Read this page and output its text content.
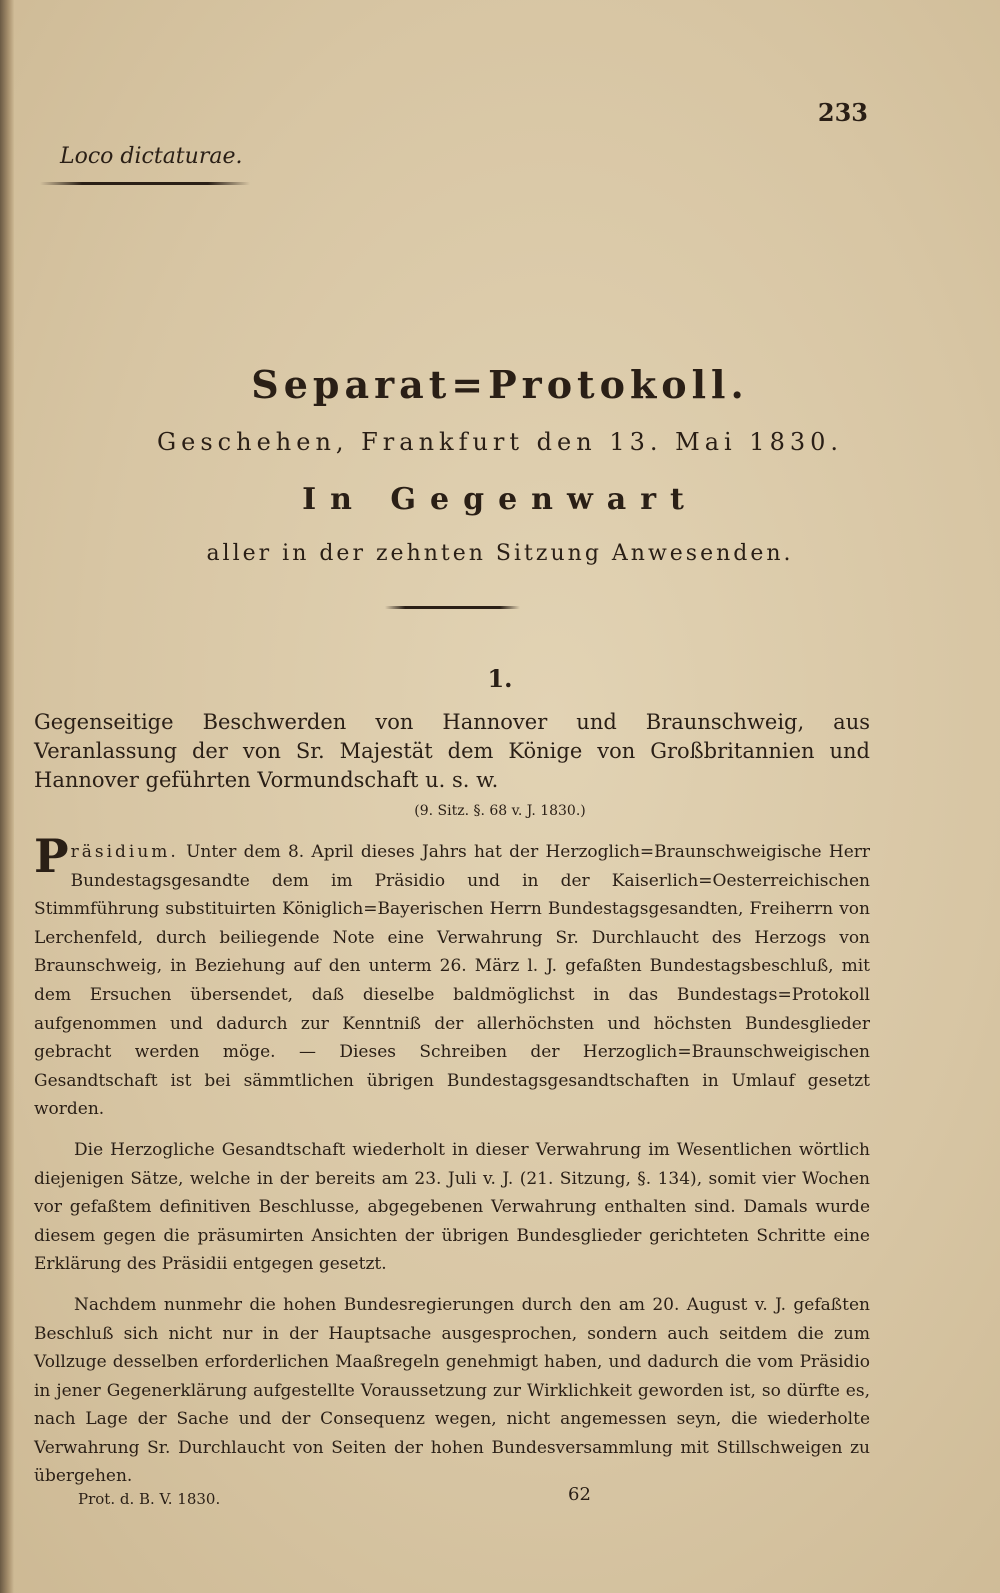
233
Loco dictaturae.
Separat=Protokoll.
Geschehen, Frankfurt den 13. Mai 1830.
In Gegenwart
aller in der zehnten Sitzung Anwesenden.
1.
Gegenseitige Beschwerden von Hannover und Braunschweig, aus Veranlassung der von Sr. Majestät dem Könige von Großbritannien und Hannover geführten Vormundschaft u. s. w.
(9. Sitz. §. 68 v. J. 1830.)

P räsidium. Unter dem 8. April dieses Jahrs hat der Herzoglich=Braunschweigische Herr Bundestagsgesandte dem im Präsidio und in der Kaiserlich=Oesterreichischen Stimmführung substituirten Königlich=Bayerischen Herrn Bundestagsgesandten, Freiherrn von Lerchenfeld, durch beiliegende Note eine Verwahrung Sr. Durchlaucht des Herzogs von Braunschweig, in Beziehung auf den unterm 26. März l. J. gefaßten Bundestagsbeschluß, mit dem Ersuchen übersendet, daß dieselbe baldmöglichst in das Bundestags=Protokoll aufgenommen und dadurch zur Kenntniß der allerhöchsten und höchsten Bundesglieder gebracht werden möge. — Dieses Schreiben der Herzoglich=Braunschweigischen Gesandtschaft ist bei sämmtlichen übrigen Bundestagsgesandtschaften in Umlauf gesetzt worden.

Die Herzogliche Gesandtschaft wiederholt in dieser Verwahrung im Wesentlichen wörtlich diejenigen Sätze, welche in der bereits am 23. Juli v. J. (21. Sitzung, §. 134), somit vier Wochen vor gefaßtem definitiven Beschlusse, abgegebenen Verwahrung enthalten sind. Damals wurde diesem gegen die präsumirten Ansichten der übrigen Bundesglieder gerichteten Schritte eine Erklärung des Präsidii entgegen gesetzt.

Nachdem nunmehr die hohen Bundesregierungen durch den am 20. August v. J. gefaßten Beschluß sich nicht nur in der Hauptsache ausgesprochen, sondern auch seitdem die zum Vollzuge desselben erforderlichen Maaßregeln genehmigt haben, und dadurch die vom Präsidio in jener Gegenerklärung aufgestellte Voraussetzung zur Wirklichkeit geworden ist, so dürfte es, nach Lage der Sache und der Consequenz wegen, nicht angemessen seyn, die wiederholte Verwahrung Sr. Durchlaucht von Seiten der hohen Bundesversammlung mit Stillschweigen zu übergehen.

Prot. d. B. V. 1830.	62
